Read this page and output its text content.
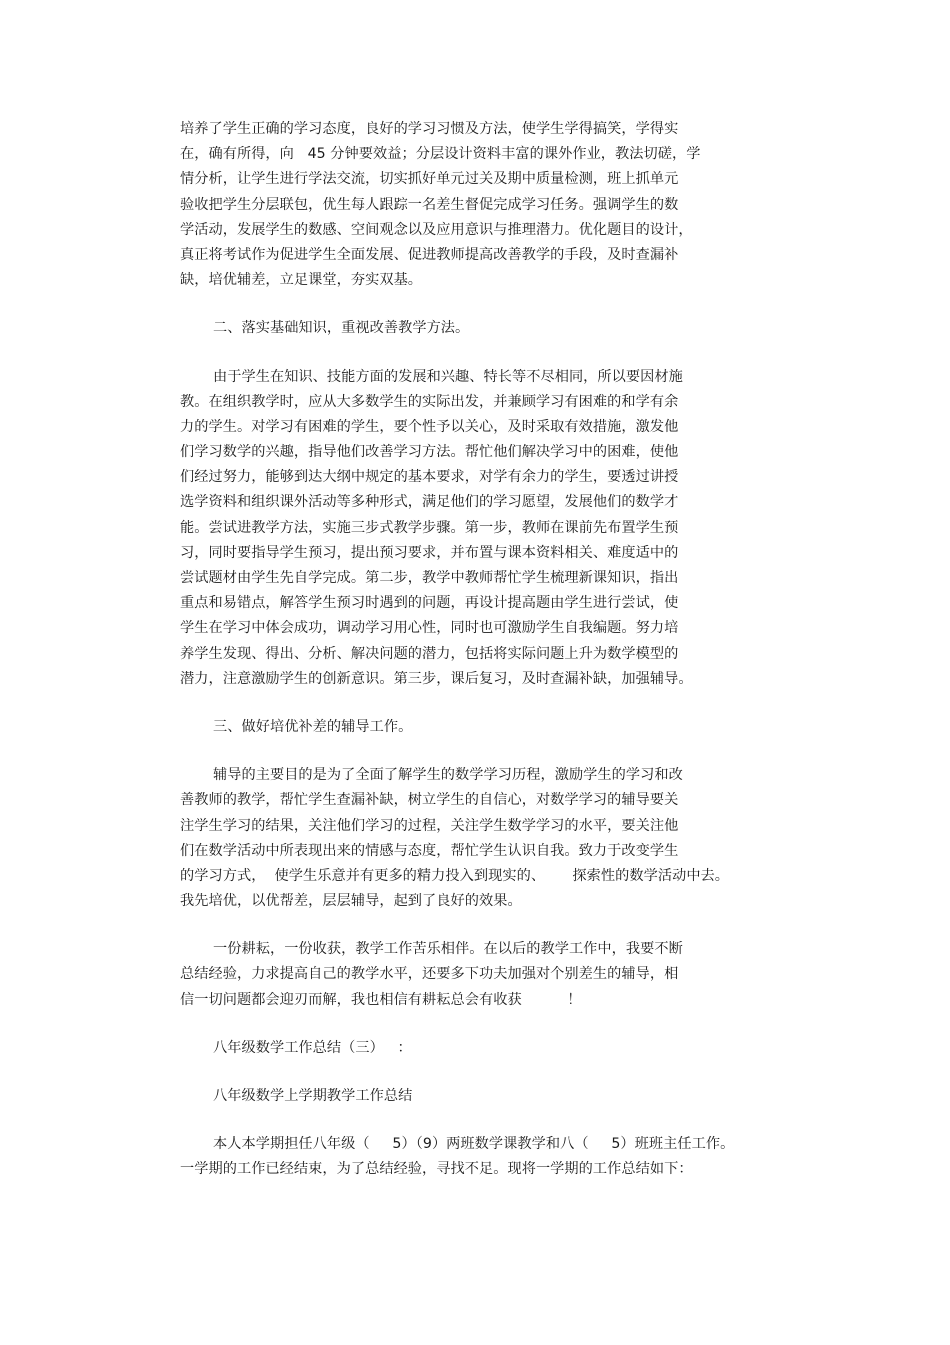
培养了学生正确的学习态度，良好的学习习惯及方法，使学生学得搞笑，学得实
在，确有所得，向   45 分钟要效益；分层设计资料丰富的课外作业，教法切磋，学
情分析，让学生进行学法交流，切实抓好单元过关及期中质量检测，班上抓单元
验收把学生分层联包，优生每人跟踪一名差生督促完成学习任务。强调学生的数
学活动，发展学生的数感、空间观念以及应用意识与推理潜力。优化题目的设计，
真正将考试作为促进学生全面发展、促进教师提高改善教学的手段，及时查漏补
缺，培优辅差，立足课堂，夯实双基。
二、落实基础知识，重视改善教学方法。
由于学生在知识、技能方面的发展和兴趣、特长等不尽相同，所以要因材施
教。在组织教学时，应从大多数学生的实际出发，并兼顾学习有困难的和学有余
力的学生。对学习有困难的学生，要个性予以关心，及时采取有效措施，激发他
们学习数学的兴趣，指导他们改善学习方法。帮忙他们解决学习中的困难，使他
们经过努力，能够到达大纲中规定的基本要求，对学有余力的学生，要透过讲授
选学资料和组织课外活动等多种形式，满足他们的学习愿望，发展他们的数学才
能。尝试进教学方法，实施三步式教学步骤。第一步，教师在课前先布置学生预
习，同时要指导学生预习，提出预习要求，并布置与课本资料相关、难度适中的
尝试题材由学生先自学完成。第二步，教学中教师帮忙学生梳理新课知识，指出
重点和易错点，解答学生预习时遇到的问题，再设计提高题由学生进行尝试，使
学生在学习中体会成功，调动学习用心性，同时也可激励学生自我编题。努力培
养学生发现、得出、分析、解决问题的潜力，包括将实际问题上升为数学模型的
潜力，注意激励学生的创新意识。第三步，课后复习，及时查漏补缺，加强辅导。
三、做好培优补差的辅导工作。
辅导的主要目的是为了全面了解学生的数学学习历程，激励学生的学习和改
善教师的教学，帮忙学生查漏补缺，树立学生的自信心，对数学学习的辅导要关
注学生学习的结果，关注他们学习的过程，关注学生数学学习的水平，要关注他
们在数学活动中所表现出来的情感与态度，帮忙学生认识自我。致力于改变学生
的学习方式，  使学生乐意并有更多的精力投入到现实的、      探索性的数学活动中去。
我先培优，以优帮差，层层辅导，起到了良好的效果。
一份耕耘，一份收获，教学工作苦乐相伴。在以后的教学工作中，我要不断
总结经验，力求提高自己的教学水平，还要多下功夫加强对个别差生的辅导，相
信一切问题都会迎刃而解，我也相信有耕耘总会有收获          ！
八年级数学工作总结（三）   ：
八年级数学上学期教学工作总结
本人本学期担任八年级（     5）（9）两班数学课教学和八（     5）班班主任工作。
一学期的工作已经结束，为了总结经验，寻找不足。现将一学期的工作总结如下：
